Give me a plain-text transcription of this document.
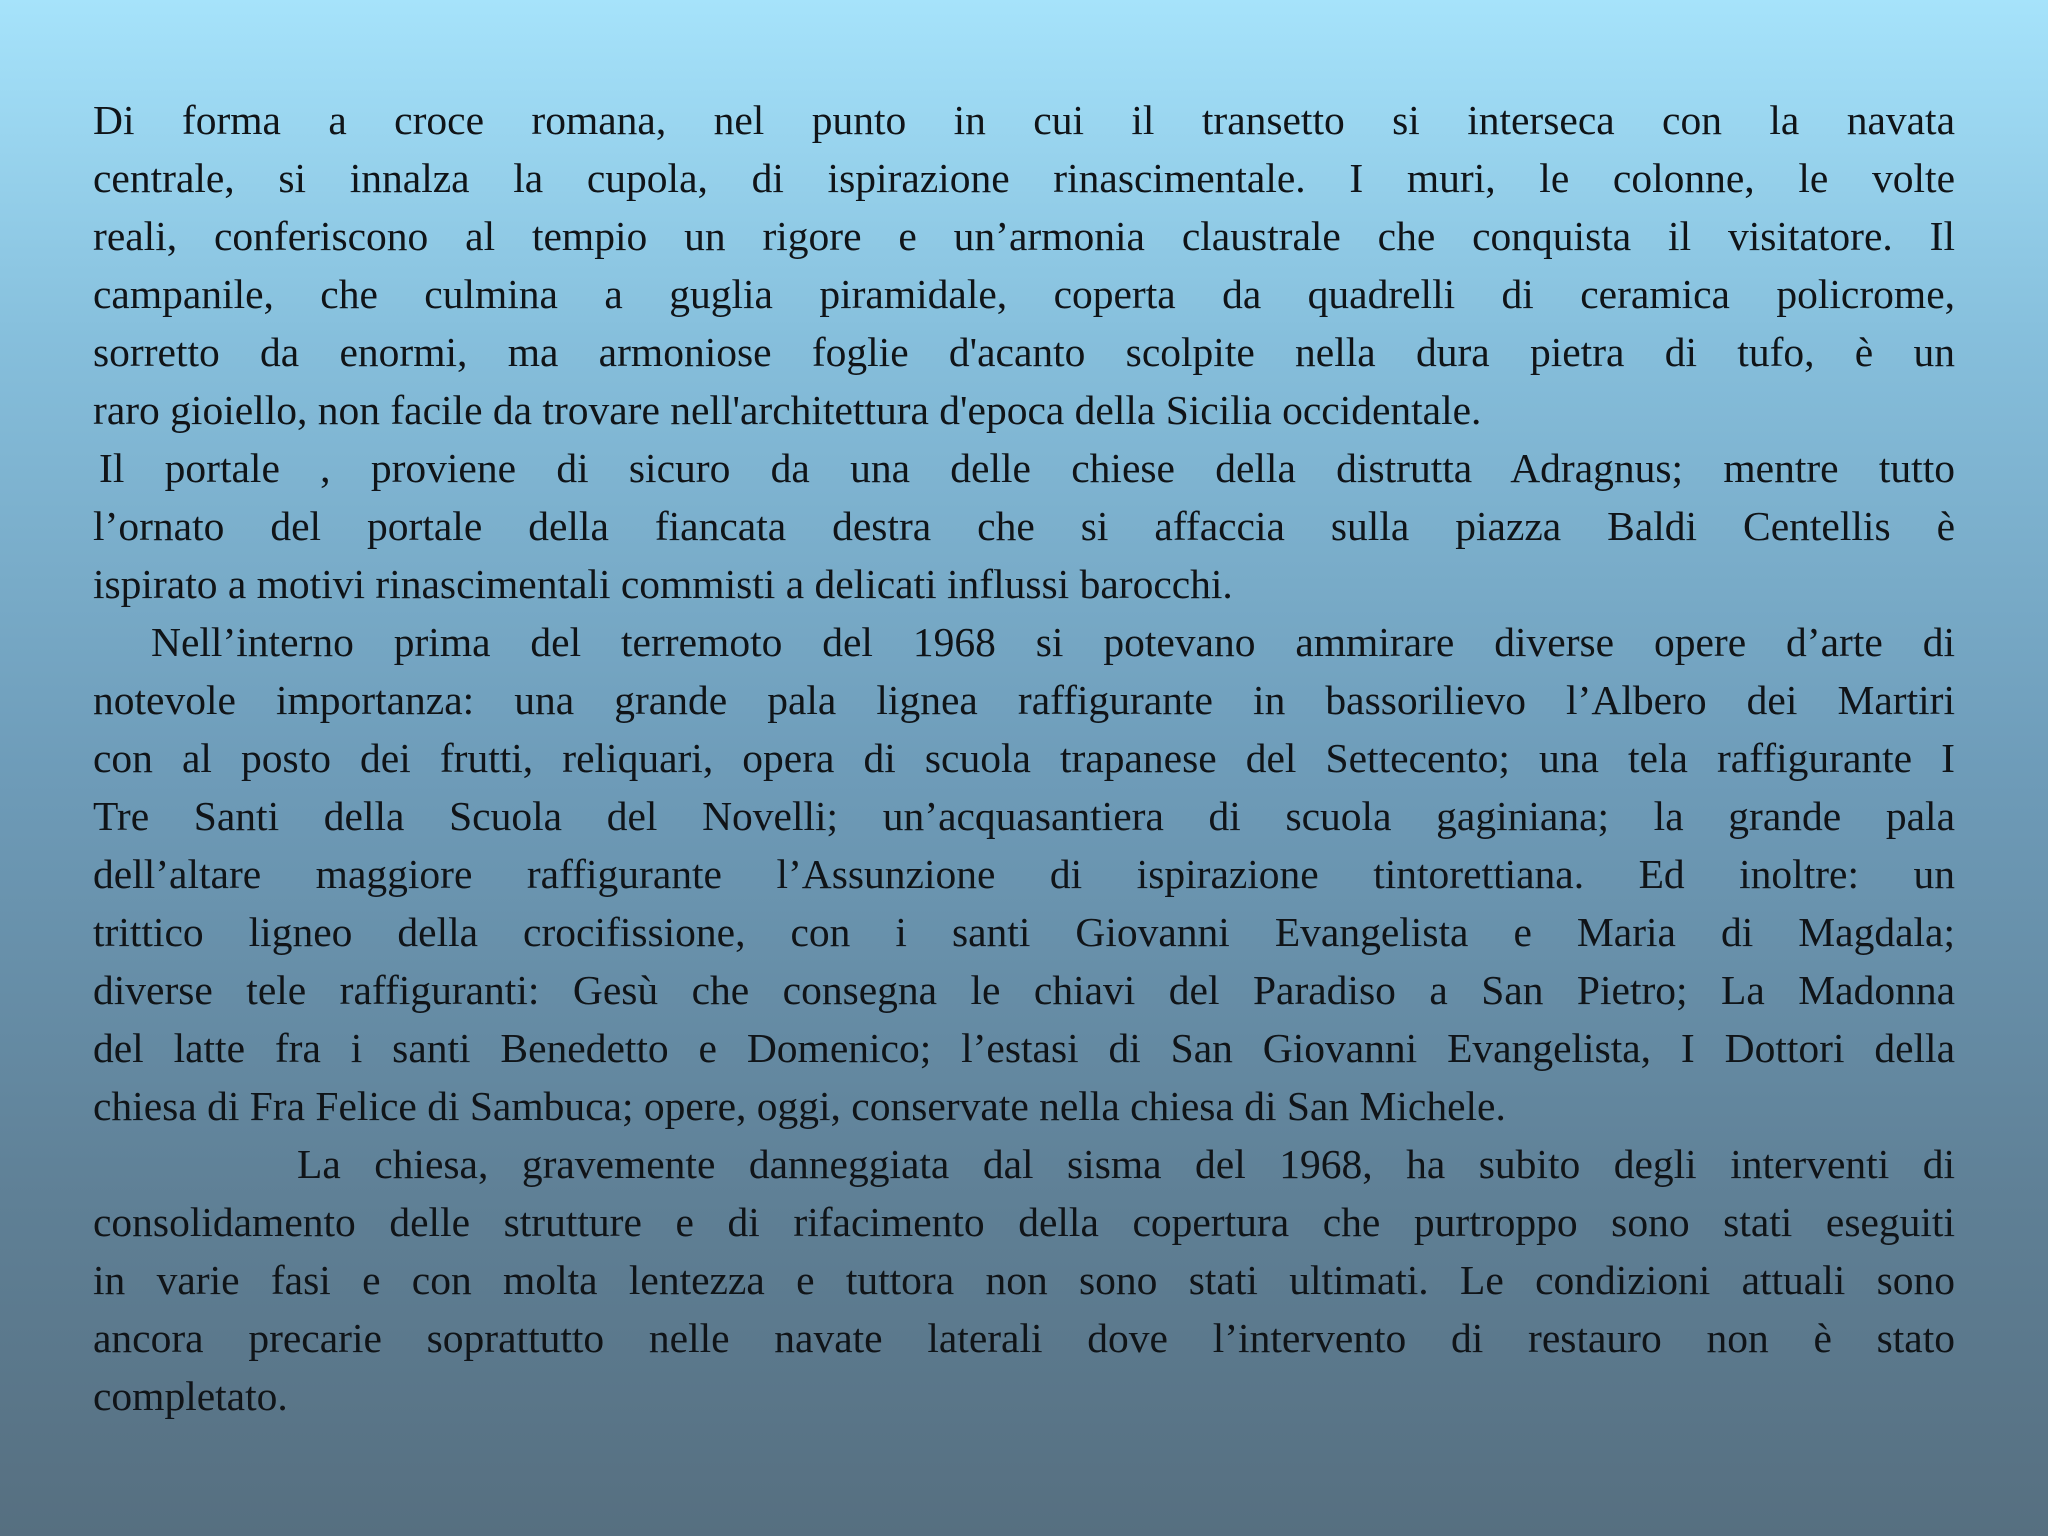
Di forma a croce romana, nel punto in cui il transetto si interseca con la navata
centrale, si innalza la cupola, di ispirazione rinascimentale. I muri, le colonne, le volte
reali, conferiscono al tempio un rigore e un’armonia claustrale che conquista il visitatore. Il
campanile, che culmina a guglia piramidale, coperta da quadrelli di ceramica policrome,
sorretto da enormi, ma armoniose foglie d'acanto scolpite nella dura pietra di tufo, è un
raro gioiello, non facile da trovare nell'architettura d'epoca della Sicilia occidentale.
Il portale , proviene di sicuro da una delle chiese della distrutta Adragnus; mentre tutto
l’ornato del portale della fiancata destra che si affaccia sulla piazza Baldi Centellis è
ispirato a motivi rinascimentali commisti a delicati influssi barocchi.
Nell’interno prima del terremoto del 1968 si potevano ammirare diverse opere d’arte di
notevole importanza: una grande pala lignea raffigurante in bassorilievo l’Albero dei Martiri
con al posto dei frutti, reliquari, opera di scuola trapanese del Settecento; una tela raffigurante I
Tre Santi della Scuola del Novelli; un’acquasantiera di scuola gaginiana; la grande pala
dell’altare maggiore raffigurante l’Assunzione di ispirazione tintorettiana. Ed inoltre: un
trittico ligneo della crocifissione, con i santi Giovanni Evangelista e Maria di Magdala;
diverse tele raffiguranti: Gesù che consegna le chiavi del Paradiso a San Pietro; La Madonna
del latte fra i santi Benedetto e Domenico; l’estasi di San Giovanni Evangelista, I Dottori della
chiesa di Fra Felice di Sambuca; opere, oggi, conservate nella chiesa di San Michele.
La chiesa, gravemente danneggiata dal sisma del 1968, ha subito degli interventi di
consolidamento delle strutture e di rifacimento della copertura che purtroppo sono stati eseguiti
in varie fasi e con molta lentezza e tuttora non sono stati ultimati. Le condizioni attuali sono
ancora precarie soprattutto nelle navate laterali dove l’intervento di restauro non è stato
completato.
